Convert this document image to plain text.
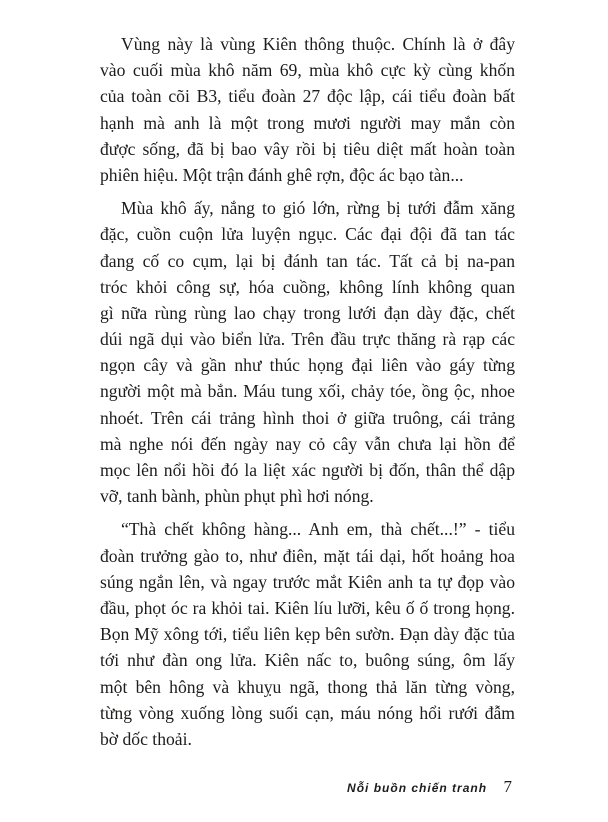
Vùng này là vùng Kiên thông thuộc. Chính là ở đây
vào cuối mùa khô năm 69, mùa khô cực kỳ cùng khốn
của toàn cõi B3, tiểu đoàn 27 độc lập, cái tiểu đoàn bất
hạnh mà anh là một trong mươi người may mắn còn
được sống, đã bị bao vây rồi bị tiêu diệt mất hoàn toàn
phiên hiệu. Một trận đánh ghê rợn, độc ác bạo tàn...
Mùa khô ấy, nắng to gió lớn, rừng bị tưới đẫm xăng
đặc, cuồn cuộn lửa luyện ngục. Các đại đội đã tan tác
đang cố co cụm, lại bị đánh tan tác. Tất cả bị na-pan
tróc khỏi công sự, hóa cuồng, không lính không quan
gì nữa rùng rùng lao chạy trong lưới đạn dày đặc, chết
dúi ngã dụi vào biển lửa. Trên đầu trực thăng rà rạp các
ngọn cây và gần như thúc họng đại liên vào gáy từng
người một mà bắn. Máu tung xối, chảy tóe, ồng ộc, nhoe
nhoét. Trên cái trảng hình thoi ở giữa truông, cái trảng
mà nghe nói đến ngày nay cỏ cây vẫn chưa lại hồn để
mọc lên nổi hồi đó la liệt xác người bị đốn, thân thể dập
vỡ, tanh bành, phùn phụt phì hơi nóng.
“Thà chết không hàng... Anh em, thà chết...!” - tiểu
đoàn trưởng gào to, như điên, mặt tái dại, hốt hoảng hoa
súng ngắn lên, và ngay trước mắt Kiên anh ta tự đọp vào
đầu, phọt óc ra khỏi tai. Kiên líu lưỡi, kêu ố ố trong họng.
Bọn Mỹ xông tới, tiểu liên kẹp bên sườn. Đạn dày đặc tủa
tới như đàn ong lửa. Kiên nấc to, buông súng, ôm lấy
một bên hông và khuỵu ngã, thong thả lăn từng vòng,
từng vòng xuống lòng suối cạn, máu nóng hổi rưới đẫm
bờ dốc thoải.
Nỗi buồn chiến tranh 7
